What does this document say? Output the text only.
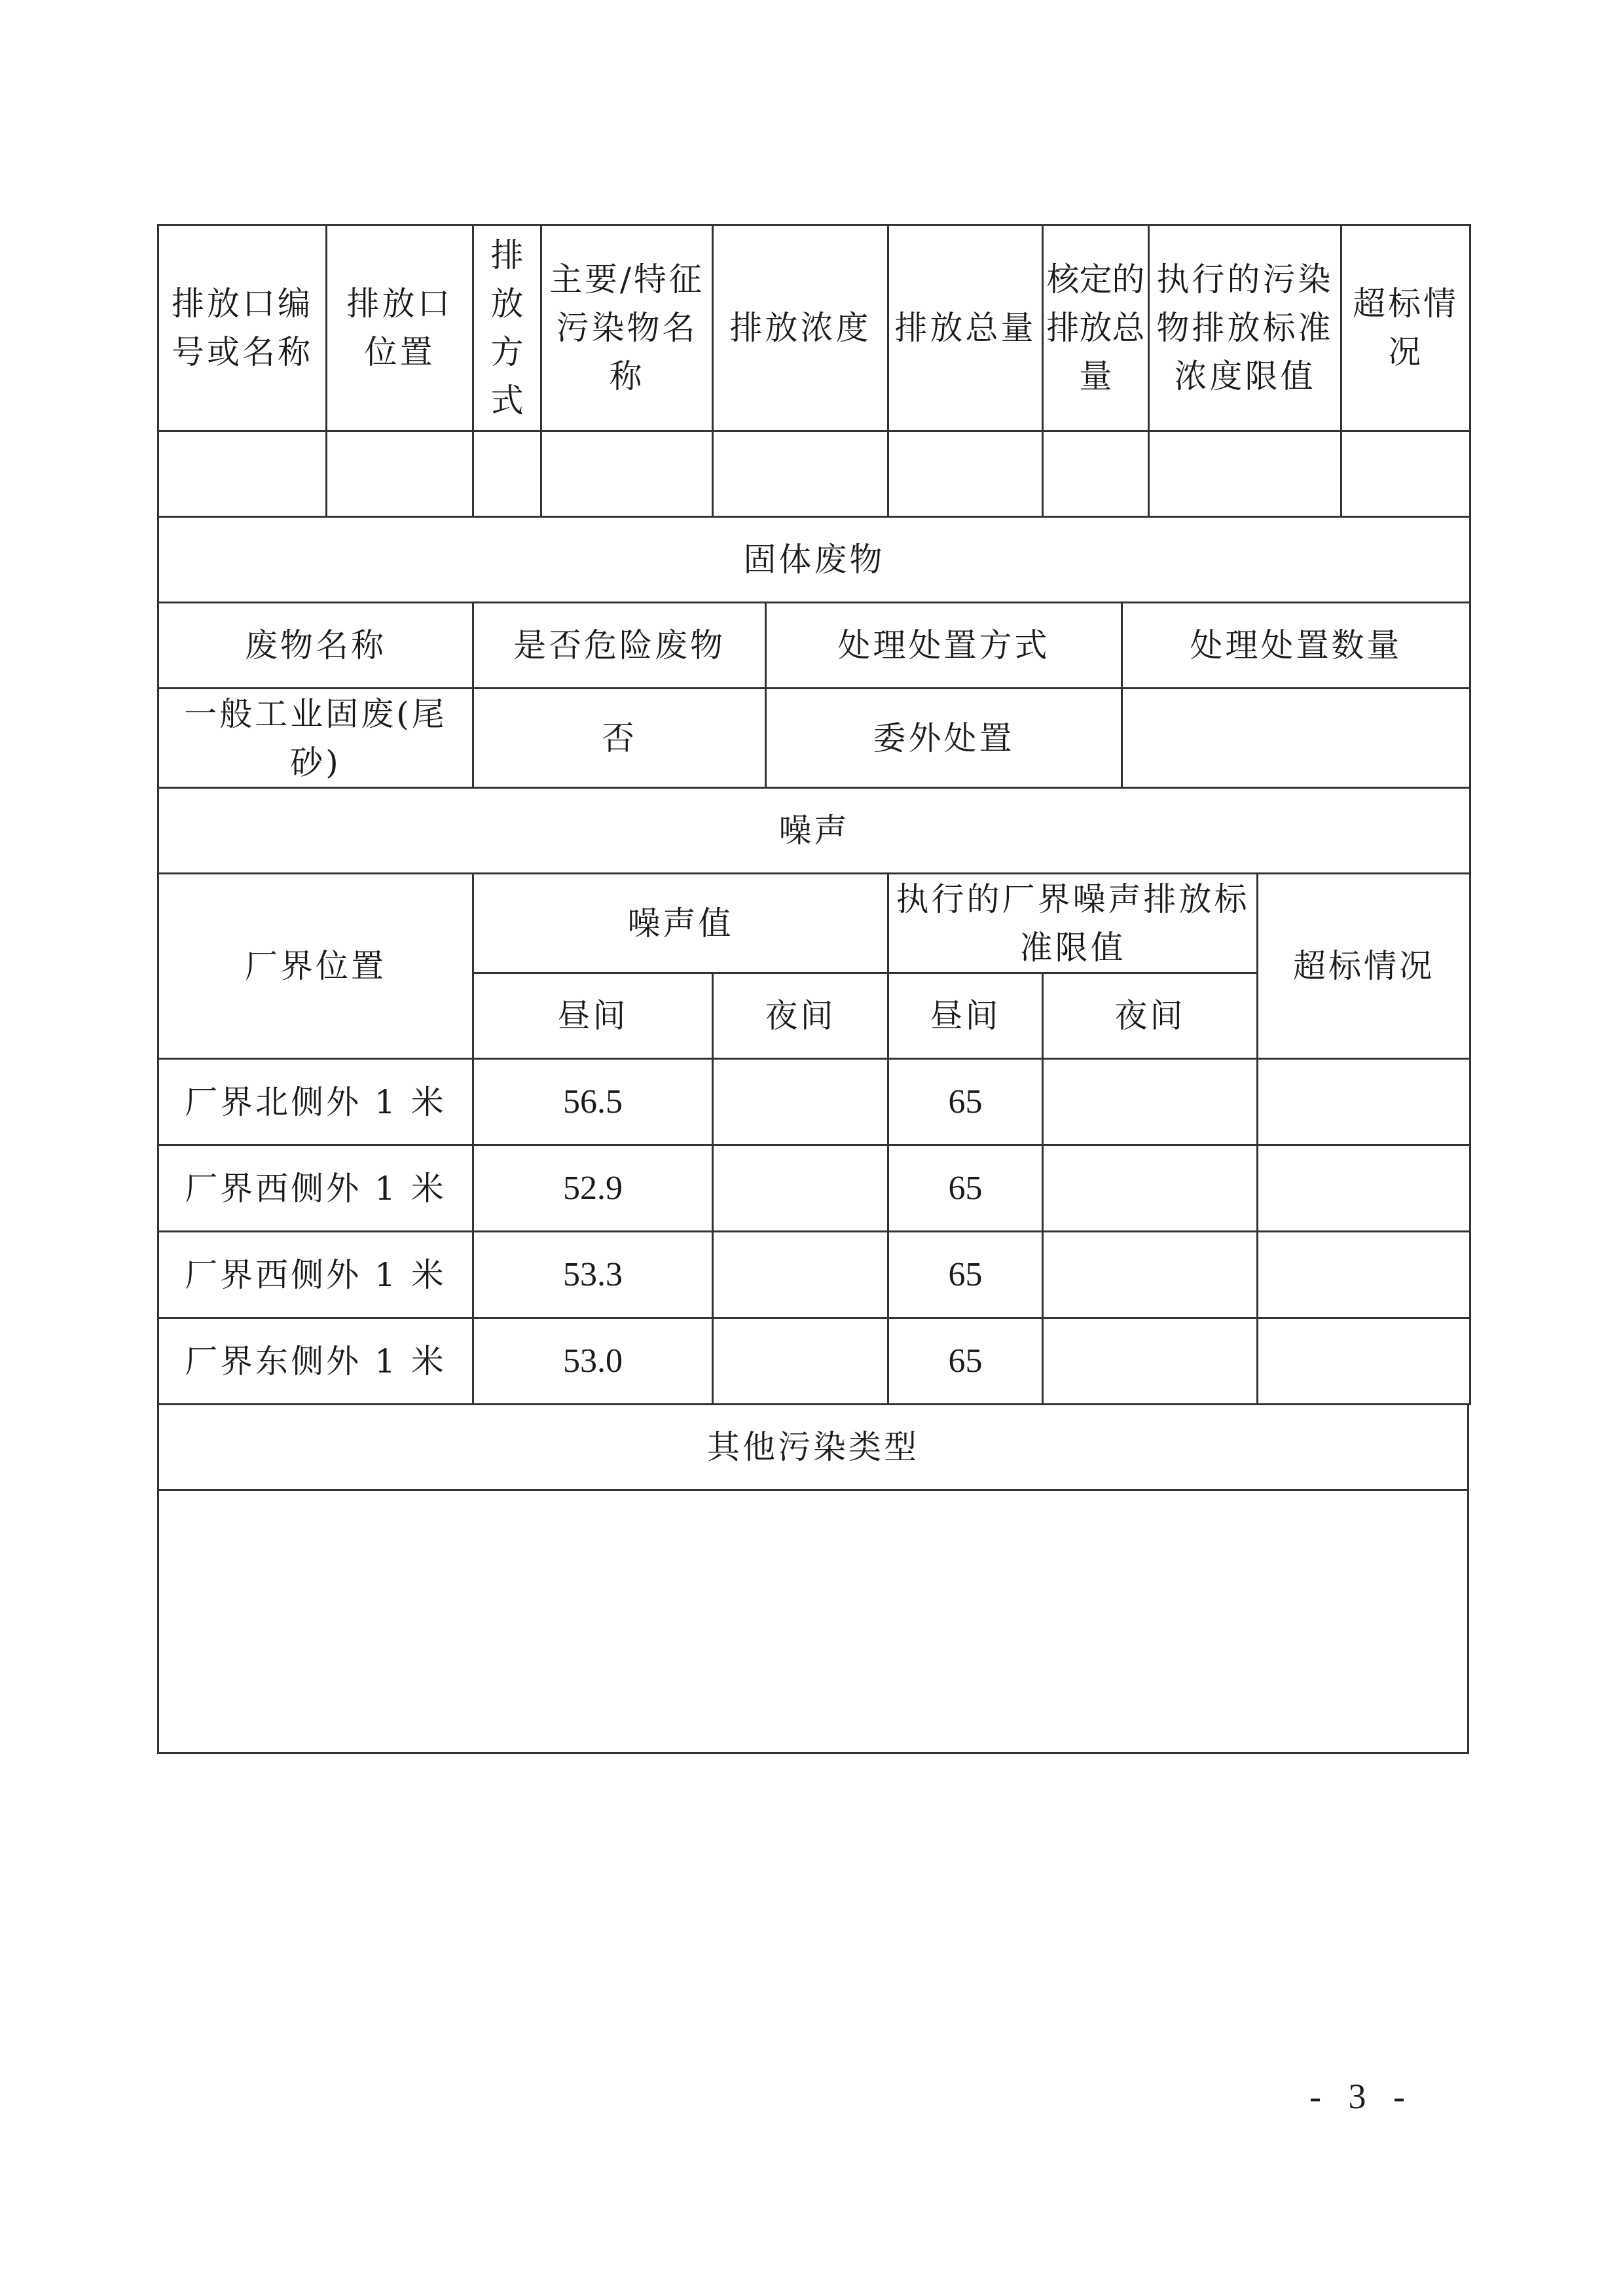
排放口编号或名称	排放口位置	排放方式	主要/特征污染物名称	排放浓度	排放总量	核定的排放总量	执行的污染物排放标准浓度限值	超标情况

固体废物			
废物名称	是否危险废物	处理处置方式	处理处置数量
一般工业固废(尾砂)	否	委外处置	
噪声					
厂界位置	噪声值		执行的厂界噪声排放标准限值		超标情况
	昼间	夜间	昼间	夜间	
厂界北侧外 1 米	56.5		65		
厂界西侧外 1 米	52.9		65		
厂界西侧外 1 米	53.3		65		
厂界东侧外 1 米	53.0		65		
其他污染类型

- 3 -
